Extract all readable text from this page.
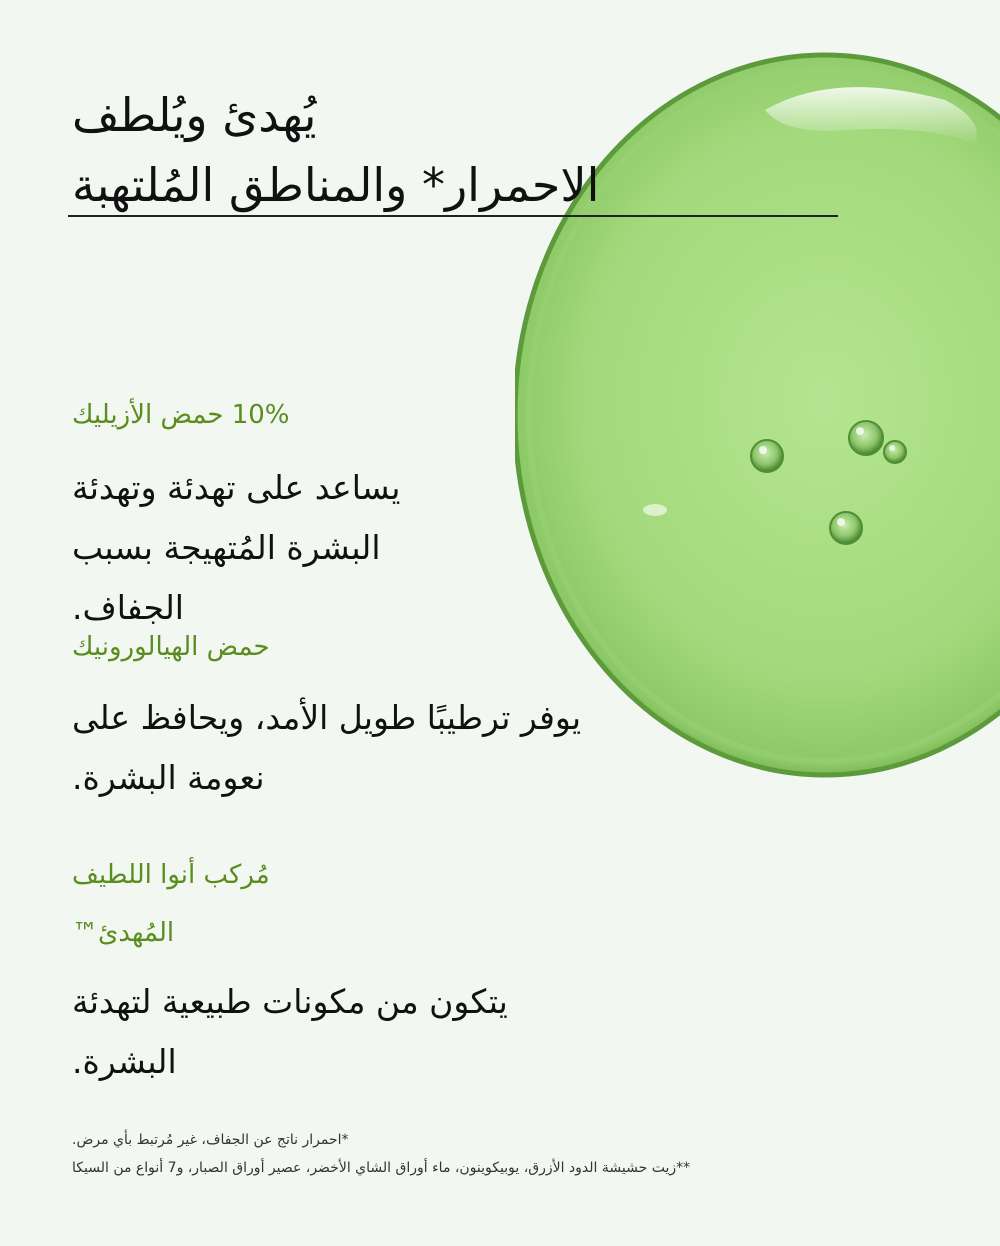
يُهدئ ويُلطف
الاحمرار* والمناطق المُلتهبة
10% حمض الأزيليك
يساعد على تهدئة وتهدئة
البشرة المُتهيجة بسبب الجفاف.
حمض الهيالورونيك
يوفر ترطيبًا طويل الأمد، ويحافظ على
نعومة البشرة.
مُركب أنوا اللطيف
المُهدئ™
يتكون من مكونات طبيعية لتهدئة
البشرة.
*احمرار ناتج عن الجفاف، غير مُرتبط بأي مرض.
**زيت حشيشة الدود الأزرق، يوبيكوينون، ماء أوراق الشاي الأخضر، عصير أوراق الصبار، و7 أنواع من السيكا
